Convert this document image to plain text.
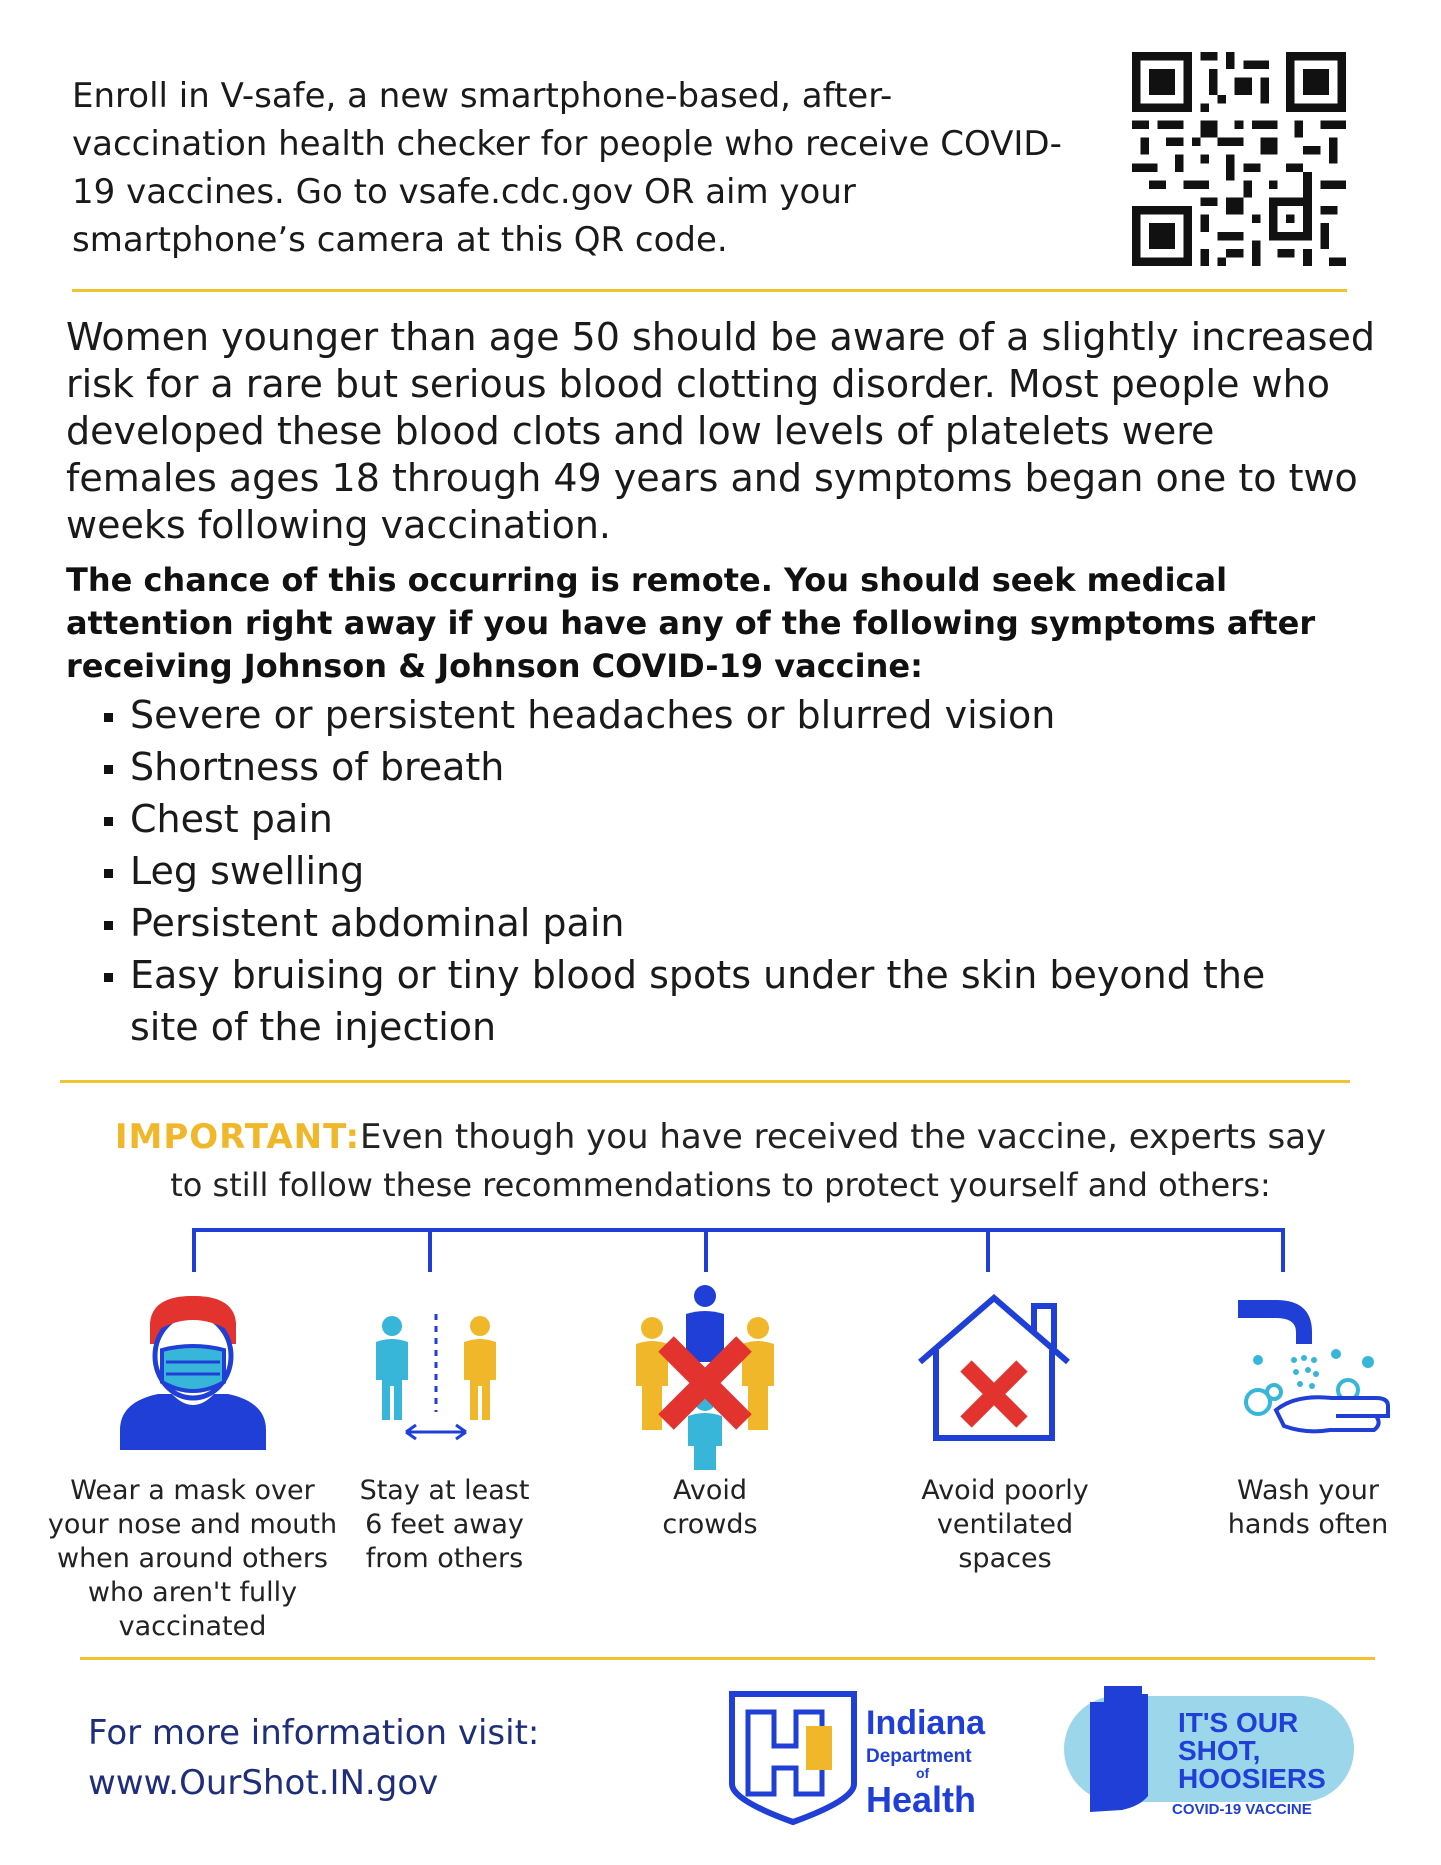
Enroll in V-safe, a new smartphone-based, after-vaccination health checker for people who receive COVID-19 vaccines. Go to vsafe.cdc.gov OR aim your smartphone’s camera at this QR code.
Women younger than age 50 should be aware of a slightly increased risk for a rare but serious blood clotting disorder. Most people who developed these blood clots and low levels of platelets were females ages 18 through 49 years and symptoms began one to two weeks following vaccination.
The chance of this occurring is remote. You should seek medical attention right away if you have any of the following symptoms after receiving Johnson & Johnson COVID-19 vaccine:
Severe or persistent headaches or blurred vision
Shortness of breath
Chest pain
Leg swelling
Persistent abdominal pain
Easy bruising or tiny blood spots under the skin beyond the site of the injection
IMPORTANT:Even though you have received the vaccine, experts say
to still follow these recommendations to protect yourself and others:
Wear a mask over your nose and mouth when around others who aren't fully vaccinated
Stay at least 6 feet away from others
Avoid crowds
Avoid poorly ventilated spaces
Wash your hands often
For more information visit:
www.OurShot.IN.gov
Indiana
Department
of
Health
IT'S OUR
SHOT,
HOOSIERS
COVID-19 VACCINE
